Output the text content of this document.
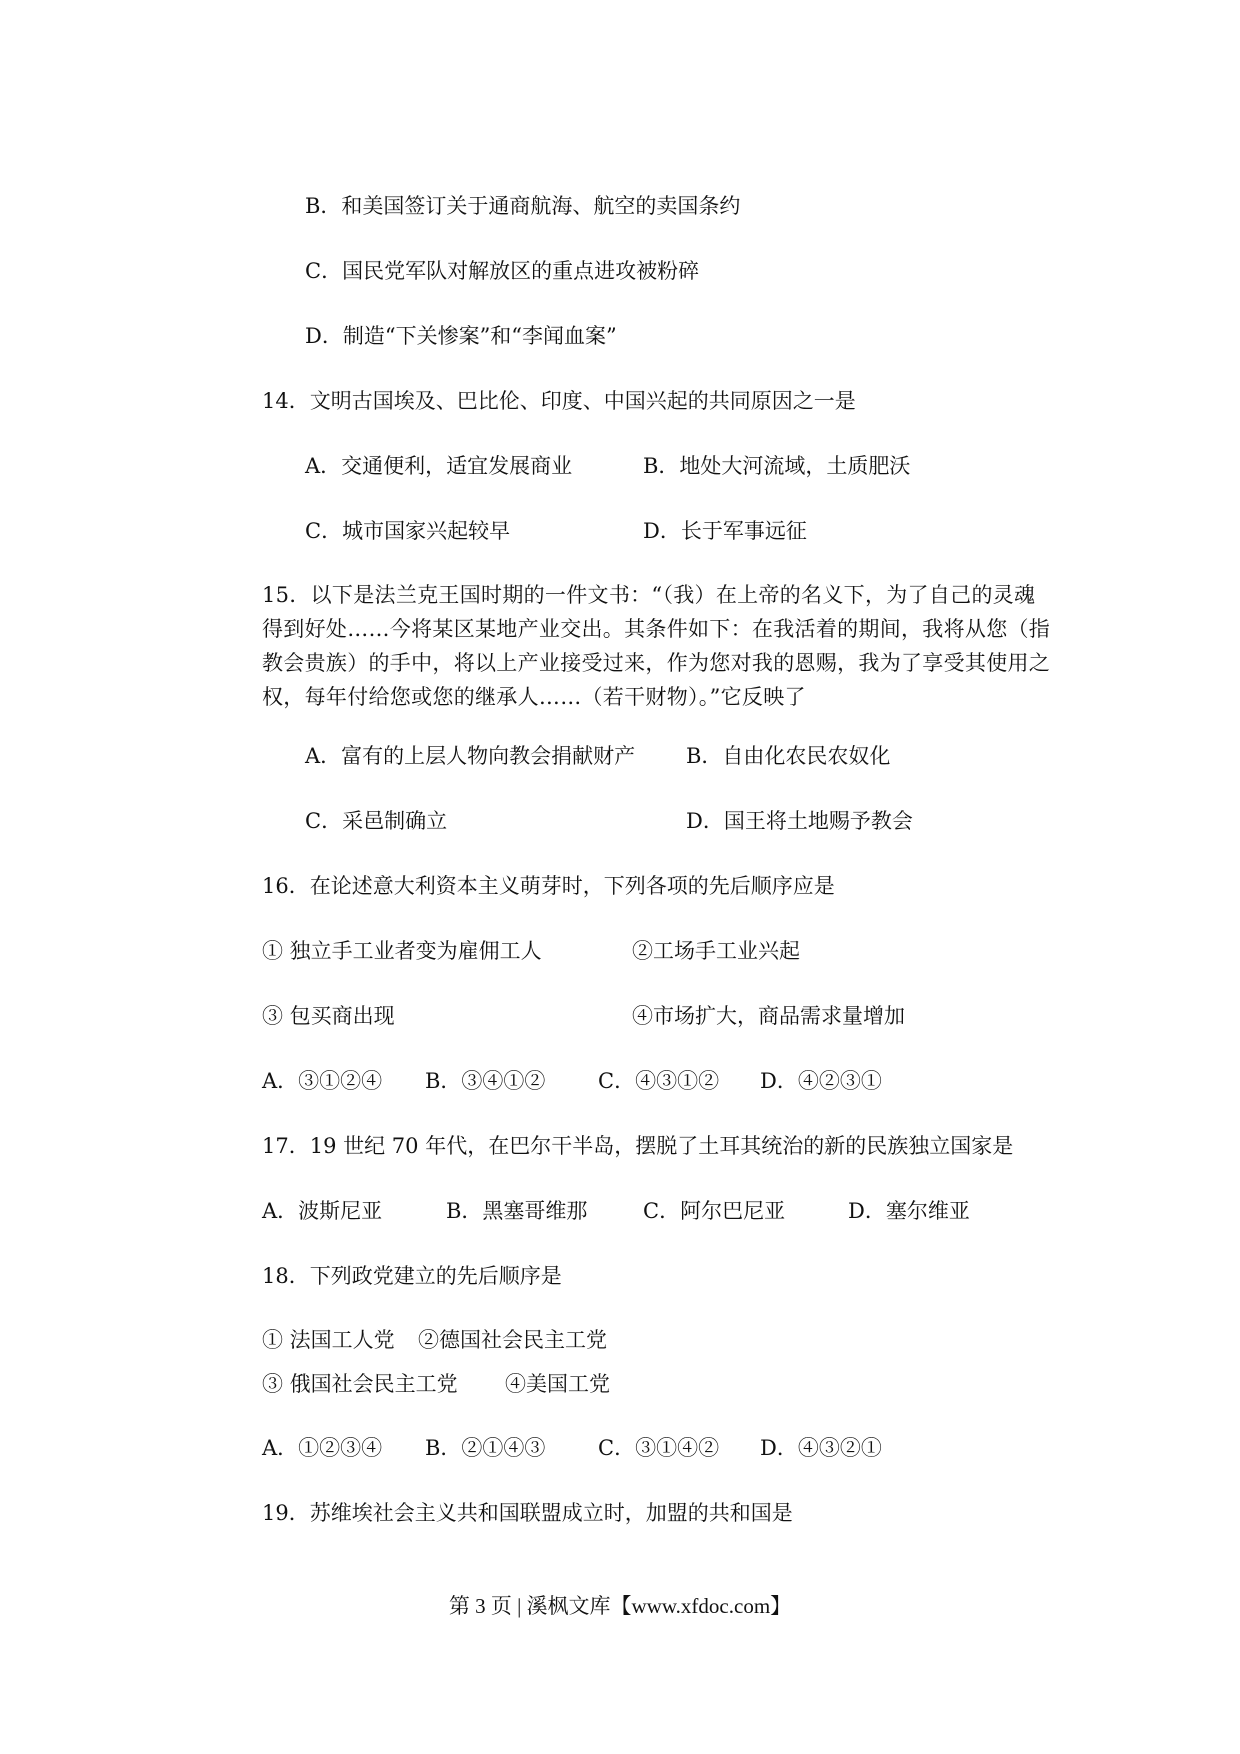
B．和美国签订关于通商航海、航空的卖国条约
C．国民党军队对解放区的重点进攻被粉碎
D．制造“下关惨案”和“李闻血案”
14．文明古国埃及、巴比伦、印度、中国兴起的共同原因之一是
A．交通便利，适宜发展商业	B．地处大河流域，土质肥沃
C．城市国家兴起较早	D．长于军事远征
15．以下是法兰克王国时期的一件文书：“（我）在上帝的名义下，为了自己的灵魂得到好处……今将某区某地产业交出。其条件如下：在我活着的期间，我将从您（指教会贵族）的手中，将以上产业接受过来，作为您对我的恩赐，我为了享受其使用之权，每年付给您或您的继承人……（若干财物）。”它反映了
A．富有的上层人物向教会捐献财产 B．自由化农民农奴化
C．采邑制确立	D．国王将土地赐予教会
16．在论述意大利资本主义萌芽时，下列各项的先后顺序应是
① 独立手工业者变为雇佣工人	②工场手工业兴起
③ 包买商出现	④市场扩大，商品需求量增加
A．③①②④ B．③④①②	C．④③①② D．④②③①
17．19 世纪 70 年代，在巴尔干半岛，摆脱了土耳其统治的新的民族独立国家是
A．波斯尼亚	B．黑塞哥维那	C．阿尔巴尼亚	D．塞尔维亚
18．下列政党建立的先后顺序是
① 法国工人党 ②德国社会民主工党
③ 俄国社会民主工党 ④美国工党
A．①②③④ B．②①④③	C．③①④② D．④③②①
19．苏维埃社会主义共和国联盟成立时，加盟的共和国是
第 3 页 | 溪枫文库【www.xfdoc.com】
